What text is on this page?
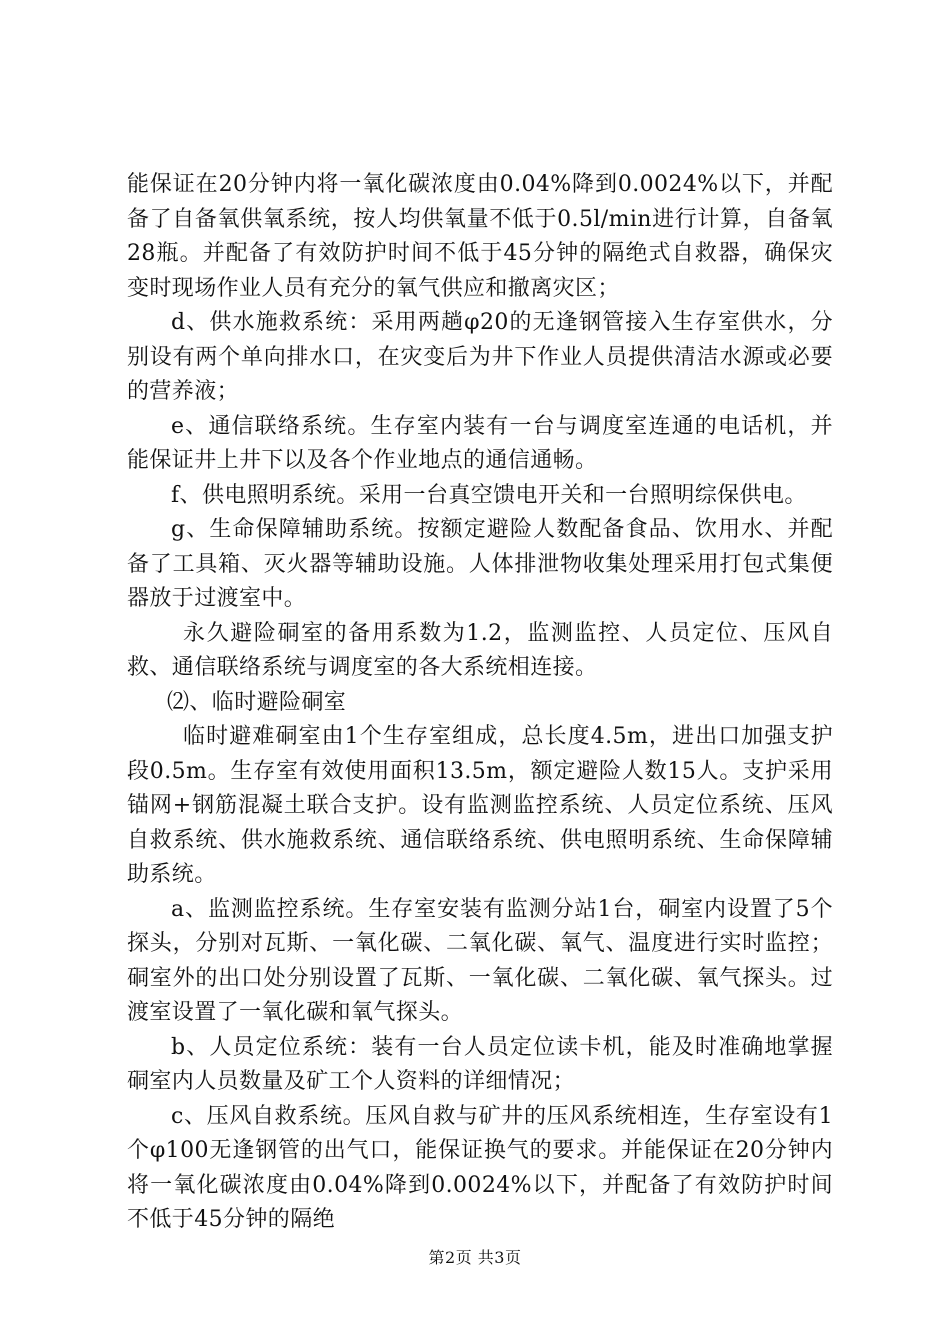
能保证在20分钟内将一氧化碳浓度由0.04%降到0.0024%以下，并配备了自备氧供氧系统，按人均供氧量不低于0.5l/min进行计算，自备氧28瓶。并配备了有效防护时间不低于45分钟的隔绝式自救器，确保灾变时现场作业人员有充分的氧气供应和撤离灾区；

d、供水施救系统：采用两趟φ20的无逢钢管接入生存室供水，分别设有两个单向排水口，在灾变后为井下作业人员提供清洁水源或必要的营养液；

e、通信联络系统。生存室内装有一台与调度室连通的电话机，并能保证井上井下以及各个作业地点的通信通畅。

f、供电照明系统。采用一台真空馈电开关和一台照明综保供电。

g、生命保障辅助系统。按额定避险人数配备食品、饮用水、并配备了工具箱、灭火器等辅助设施。人体排泄物收集处理采用打包式集便器放于过渡室中。

永久避险硐室的备用系数为1.2，监测监控、人员定位、压风自救、通信联络系统与调度室的各大系统相连接。

⑵、临时避险硐室

临时避难硐室由1个生存室组成，总长度4.5m，进出口加强支护段0.5m。生存室有效使用面积13.5m，额定避险人数15人。支护采用锚网+钢筋混凝土联合支护。设有监测监控系统、人员定位系统、压风自救系统、供水施救系统、通信联络系统、供电照明系统、生命保障辅助系统。

a、监测监控系统。生存室安装有监测分站1台，硐室内设置了5个探头，分别对瓦斯、一氧化碳、二氧化碳、氧气、温度进行实时监控；硐室外的出口处分别设置了瓦斯、一氧化碳、二氧化碳、氧气探头。过渡室设置了一氧化碳和氧气探头。

b、人员定位系统：装有一台人员定位读卡机，能及时准确地掌握硐室内人员数量及矿工个人资料的详细情况；

c、压风自救系统。压风自救与矿井的压风系统相连，生存室设有1个φ100无逢钢管的出气口，能保证换气的要求。并能保证在20分钟内将一氧化碳浓度由0.04%降到0.0024%以下，并配备了有效防护时间不低于45分钟的隔绝

第2页 共3页
